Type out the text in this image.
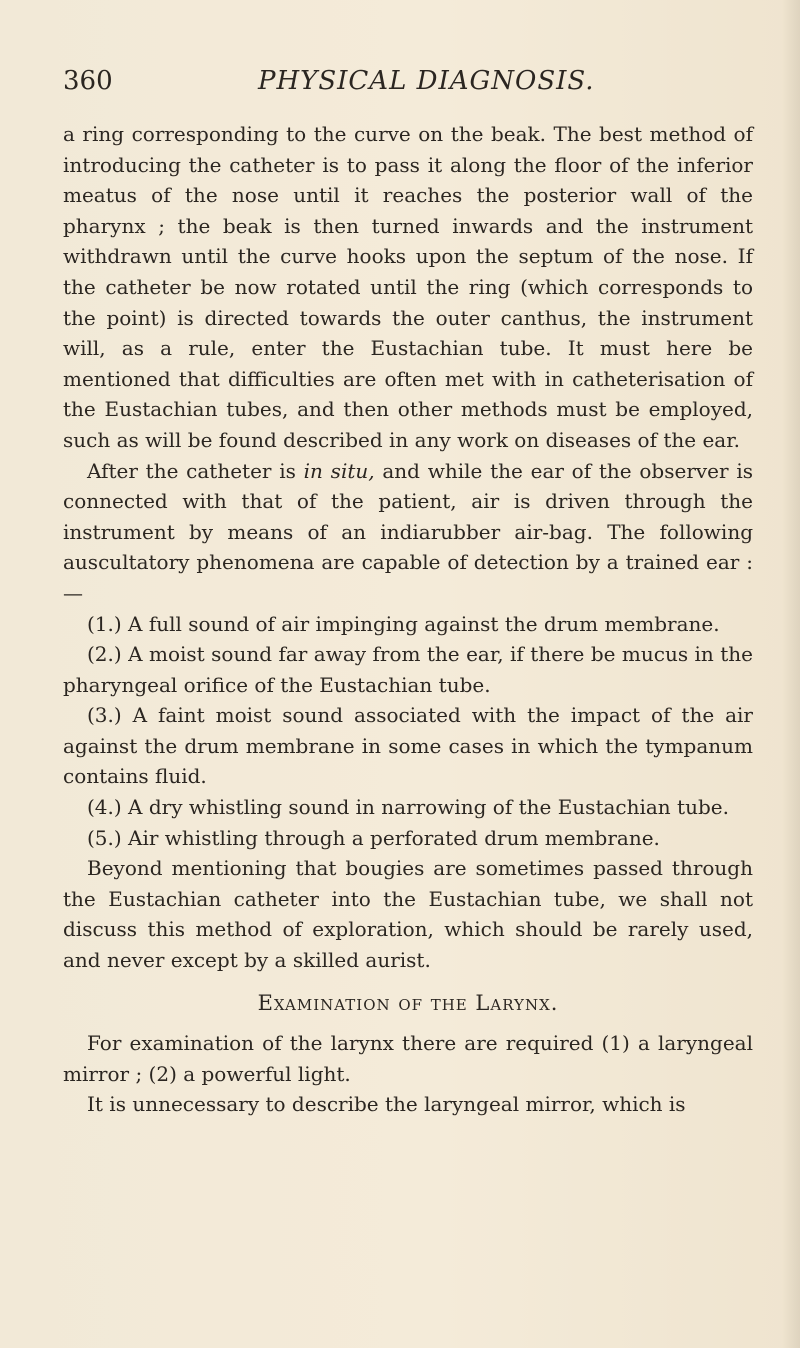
360	PHYSICAL DIAGNOSIS.

a ring corresponding to the curve on the beak. The best method of introducing the catheter is to pass it along the floor of the inferior meatus of the nose until it reaches the posterior wall of the pharynx ; the beak is then turned inwards and the instrument withdrawn until the curve hooks upon the septum of the nose. If the catheter be now rotated until the ring (which corresponds to the point) is directed towards the outer canthus, the instrument will, as a rule, enter the Eustachian tube. It must here be mentioned that difficulties are often met with in catheterisation of the Eustachian tubes, and then other methods must be employed, such as will be found described in any work on diseases of the ear.

After the catheter is in situ, and while the ear of the observer is connected with that of the patient, air is driven through the instrument by means of an indiarubber air-bag. The following auscultatory phenomena are capable of detection by a trained ear :—

(1.) A full sound of air impinging against the drum membrane.

(2.) A moist sound far away from the ear, if there be mucus in the pharyngeal orifice of the Eustachian tube.

(3.) A faint moist sound associated with the impact of the air against the drum membrane in some cases in which the tympanum contains fluid.

(4.) A dry whistling sound in narrowing of the Eustachian tube.

(5.) Air whistling through a perforated drum membrane.

Beyond mentioning that bougies are sometimes passed through the Eustachian catheter into the Eustachian tube, we shall not discuss this method of exploration, which should be rarely used, and never except by a skilled aurist.

Examination of the Larynx.

For examination of the larynx there are required (1) a laryngeal mirror ; (2) a powerful light.

It is unnecessary to describe the laryngeal mirror, which is
